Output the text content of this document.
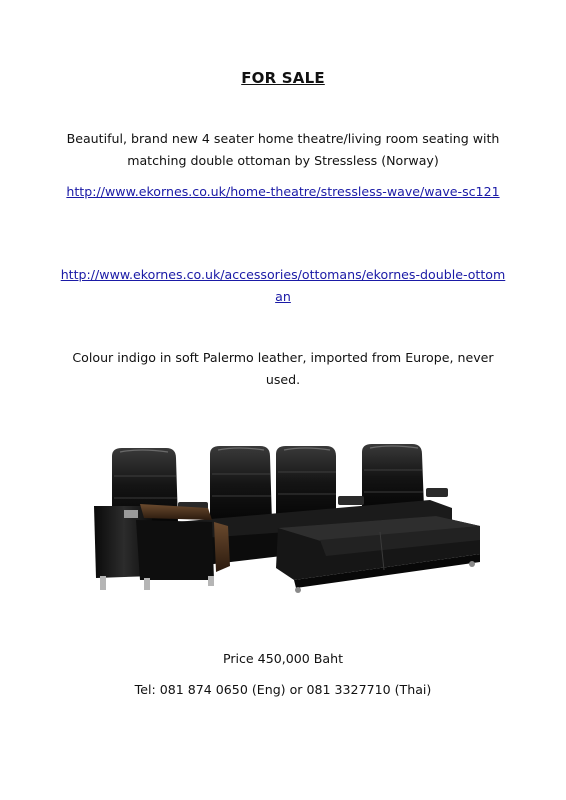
FOR SALE
Beautiful, brand new 4 seater home theatre/living room seating with matching double ottoman by Stressless (Norway)
http://www.ekornes.co.uk/home-theatre/stressless-wave/wave-sc121
http://www.ekornes.co.uk/accessories/ottomans/ekornes-double-ottoman
Colour indigo in soft Palermo leather, imported from Europe, never used.
Price 450,000 Baht
Tel: 081 874 0650 (Eng) or 081 3327710 (Thai)
